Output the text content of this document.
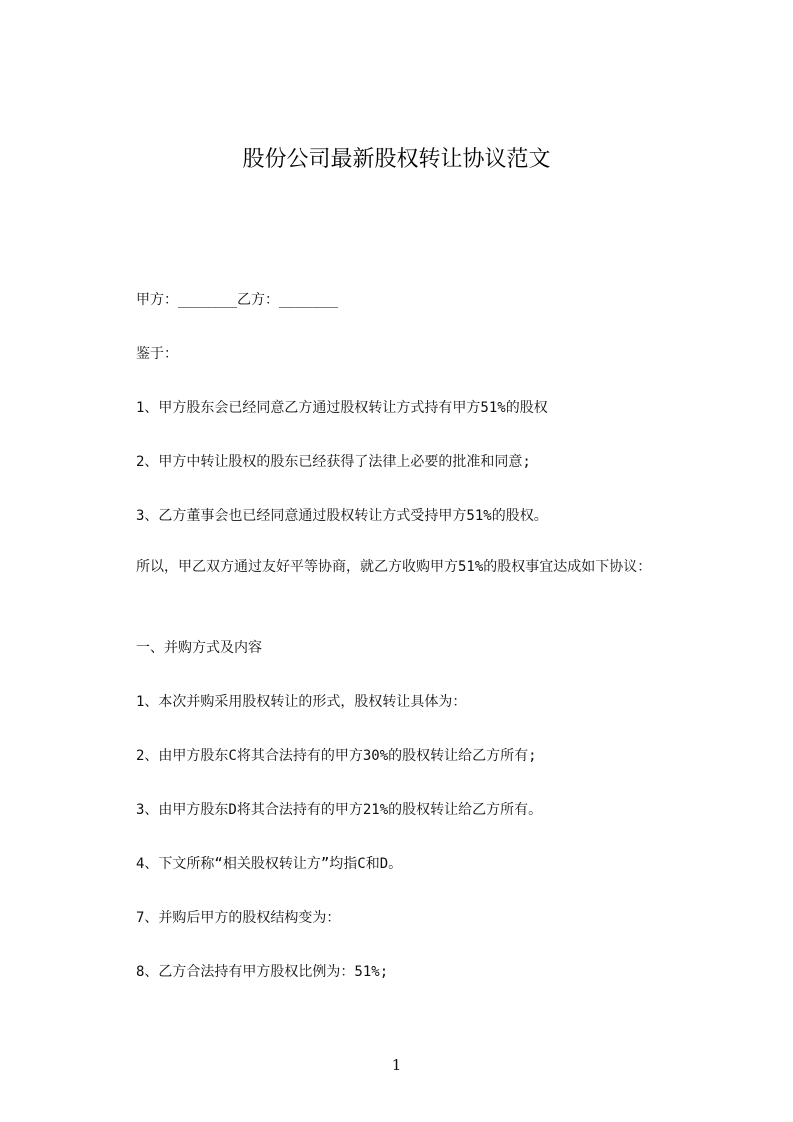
股份公司最新股权转让协议范文
甲方：_______乙方：_______
鉴于：
1、甲方股东会已经同意乙方通过股权转让方式持有甲方51%的股权
2、甲方中转让股权的股东已经获得了法律上必要的批准和同意;
3、乙方董事会也已经同意通过股权转让方式受持甲方51%的股权。
所以，甲乙双方通过友好平等协商，就乙方收购甲方51%的股权事宜达成如下协议：
一、并购方式及内容
1、本次并购采用股权转让的形式，股权转让具体为：
2、由甲方股东C将其合法持有的甲方30%的股权转让给乙方所有;
3、由甲方股东D将其合法持有的甲方21%的股权转让给乙方所有。
4、下文所称“相关股权转让方”均指C和D。
7、并购后甲方的股权结构变为：
8、乙方合法持有甲方股权比例为：51%;
1
